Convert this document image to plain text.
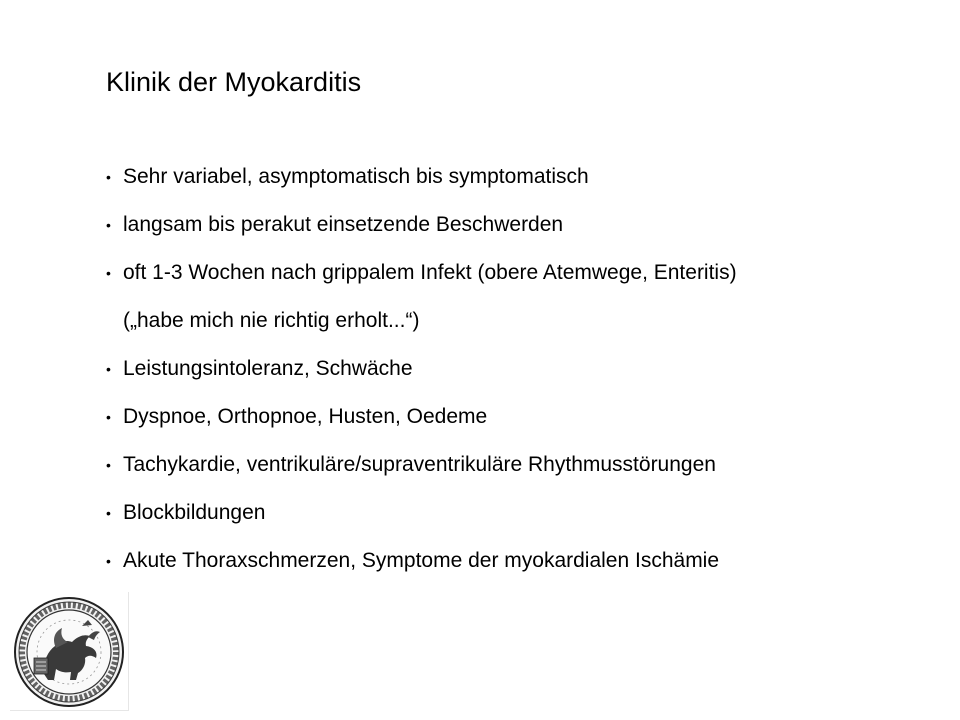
Klinik der Myokarditis
• Sehr variabel, asymptomatisch bis symptomatisch
• langsam bis perakut einsetzende Beschwerden
• oft 1-3 Wochen nach grippalem Infekt (obere Atemwege, Enteritis)
(„habe mich nie richtig erholt...“)
• Leistungsintoleranz, Schwäche
• Dyspnoe, Orthopnoe, Husten, Oedeme
• Tachykardie, ventrikuläre/supraventrikuläre Rhythmusstörungen
• Blockbildungen
• Akute Thoraxschmerzen, Symptome der myokardialen Ischämie
